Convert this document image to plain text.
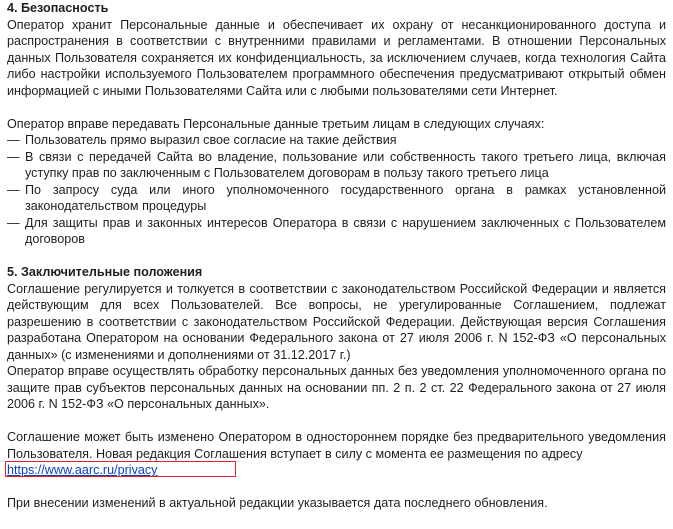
4. Безопасность

Оператор хранит Персональные данные и обеспечивает их охрану от несанкционированного доступа и распространения в соответствии с внутренними правилами и регламентами. В отношении Персональных данных Пользователя сохраняется их конфиденциальность, за исключением случаев, когда технология Сайта либо настройки используемого Пользователем программного обеспечения предусматривают открытый обмен информацией с иными Пользователями Сайта или с любыми пользователями сети Интернет.

Оператор вправе передавать Персональные данные третьим лицам в следующих случаях:

— Пользователь прямо выразил свое согласие на такие действия
— В связи с передачей Сайта во владение, пользование или собственность такого третьего лица, включая уступку прав по заключенным с Пользователем договорам в пользу такого третьего лица
— По запросу суда или иного уполномоченного государственного органа в рамках установленной законодательством процедуры
— Для защиты прав и законных интересов Оператора в связи с нарушением заключенных с Пользователем договоров
5. Заключительные положения

Соглашение регулируется и толкуется в соответствии с законодательством Российской Федерации и является действующим для всех Пользователей. Все вопросы, не урегулированные Соглашением, подлежат разрешению в соответствии с законодательством Российской Федерации. Действующая версия Соглашения разработана Оператором на основании Федерального закона от 27 июля 2006 г. N 152-ФЗ «О персональных данных» (с изменениями и дополнениями от 31.12.2017 г.)

Оператор вправе осуществлять обработку персональных данных без уведомления уполномоченного органа по защите прав субъектов персональных данных на основании пп. 2 п. 2 ст. 22 Федерального закона от 27 июля 2006 г. N 152-ФЗ «О персональных данных».

Соглашение может быть изменено Оператором в одностороннем порядке без предварительного уведомления Пользователя. Новая редакция Соглашения вступает в силу с момента ее размещения по адресу

https://www.aarc.ru/privacy

При внесении изменений в актуальной редакции указывается дата последнего обновления.
